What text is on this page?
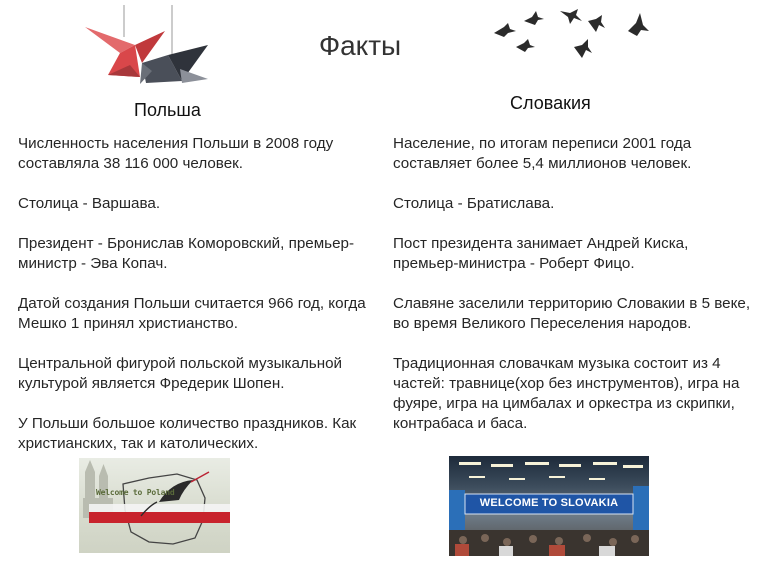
Факты
Польша	Словакия

Численность населения Польши в 2008 году составляла 38 116 000 человек.

Столица - Варшава.

Президент - Бронислав Коморовский, премьер-министр - Эва Копач.

Датой создания Польши считается 966 год, когда Мешко 1 принял христианство.

Центральной фигурой польской музыкальной культурой является Фредерик Шопен.

У Польши большое количество праздников. Как христианских, так и католических.

Население, по итогам переписи 2001 года составляет более 5,4 миллионов человек.

Столица - Братислава.

Пост президента занимает Андрей Киска, премьер-министра - Роберт Фицо.

Славяне заселили территорию Словакии в 5 веке, во время Великого Переселения народов.

Традиционная словачкам музыка состоит из 4 частей: травнице(хор без инструментов), игра на фуяре, игра на цимбалах и оркестра из скрипки, контрабаса и баса.

Welcome to Poland
WELCOME TO SLOVAKIA
